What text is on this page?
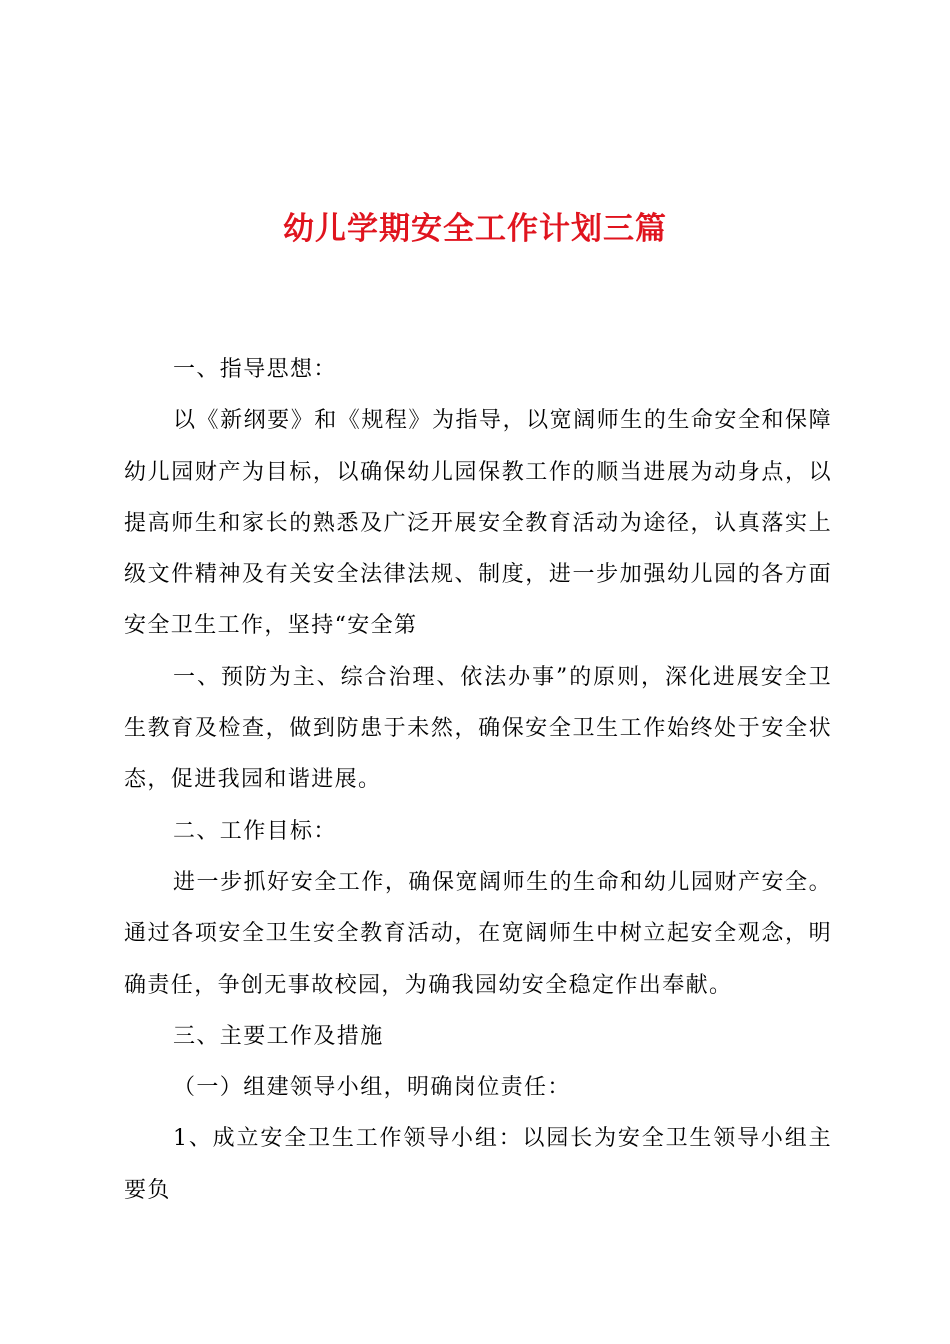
幼儿学期安全工作计划三篇

一、指导思想：

以《新纲要》和《规程》为指导，以宽阔师生的生命安全和保障幼儿园财产为目标，以确保幼儿园保教工作的顺当进展为动身点，以提高师生和家长的熟悉及广泛开展安全教育活动为途径，认真落实上级文件精神及有关安全法律法规、制度，进一步加强幼儿园的各方面安全卫生工作，坚持“安全第

一、预防为主、综合治理、依法办事”的原则，深化进展安全卫生教育及检查，做到防患于未然，确保安全卫生工作始终处于安全状态，促进我园和谐进展。

二、工作目标：

进一步抓好安全工作，确保宽阔师生的生命和幼儿园财产安全。通过各项安全卫生安全教育活动，在宽阔师生中树立起安全观念，明确责任，争创无事故校园，为确我园幼安全稳定作出奉献。

三、主要工作及措施

（一）组建领导小组，明确岗位责任：

1、成立安全卫生工作领导小组：以园长为安全卫生领导小组主要负
